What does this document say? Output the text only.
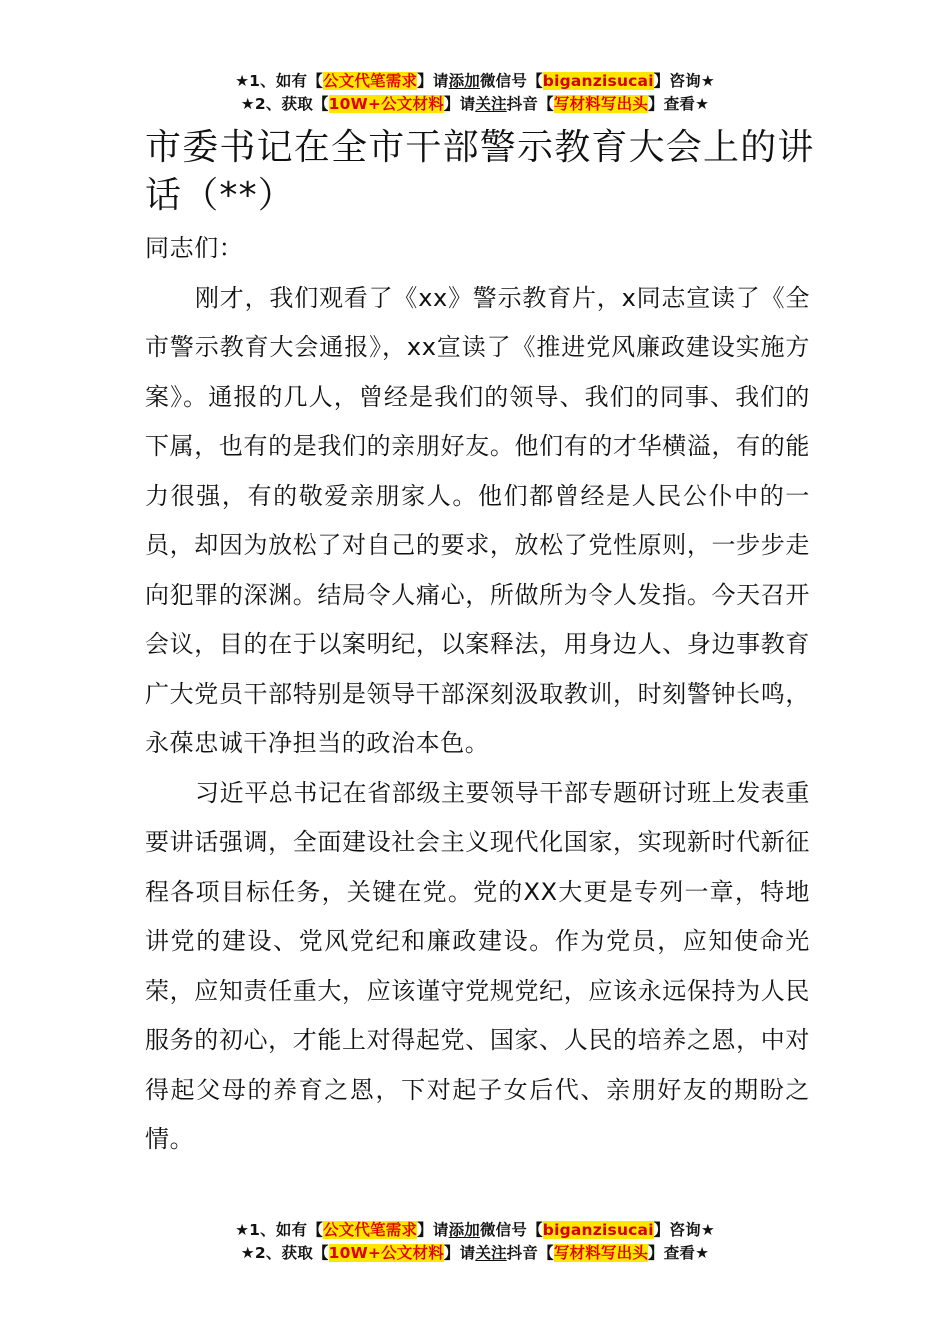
★1、如有【公文代笔需求】请添加微信号【biganzisucai】咨询★
★2、获取【10W+公文材料】请关注抖音【写材料写出头】查看★
市委书记在全市干部警示教育大会上的讲话（**）

同志们：

刚才，我们观看了《xx》警示教育片，x同志宣读了《全市警示教育大会通报》，xx宣读了《推进党风廉政建设实施方案》。通报的几人，曾经是我们的领导、我们的同事、我们的下属，也有的是我们的亲朋好友。他们有的才华横溢，有的能力很强，有的敬爱亲朋家人。他们都曾经是人民公仆中的一员，却因为放松了对自己的要求，放松了党性原则，一步步走向犯罪的深渊。结局令人痛心，所做所为令人发指。今天召开会议，目的在于以案明纪，以案释法，用身边人、身边事教育广大党员干部特别是领导干部深刻汲取教训，时刻警钟长鸣，永葆忠诚干净担当的政治本色。

习近平总书记在省部级主要领导干部专题研讨班上发表重要讲话强调，全面建设社会主义现代化国家，实现新时代新征程各项目标任务，关键在党。党的XX大更是专列一章，特地讲党的建设、党风党纪和廉政建设。作为党员，应知使命光荣，应知责任重大，应该谨守党规党纪，应该永远保持为人民服务的初心，才能上对得起党、国家、人民的培养之恩，中对得起父母的养育之恩，下对起子女后代、亲朋好友的期盼之情。

★1、如有【公文代笔需求】请添加微信号【biganzisucai】咨询★
★2、获取【10W+公文材料】请关注抖音【写材料写出头】查看★
